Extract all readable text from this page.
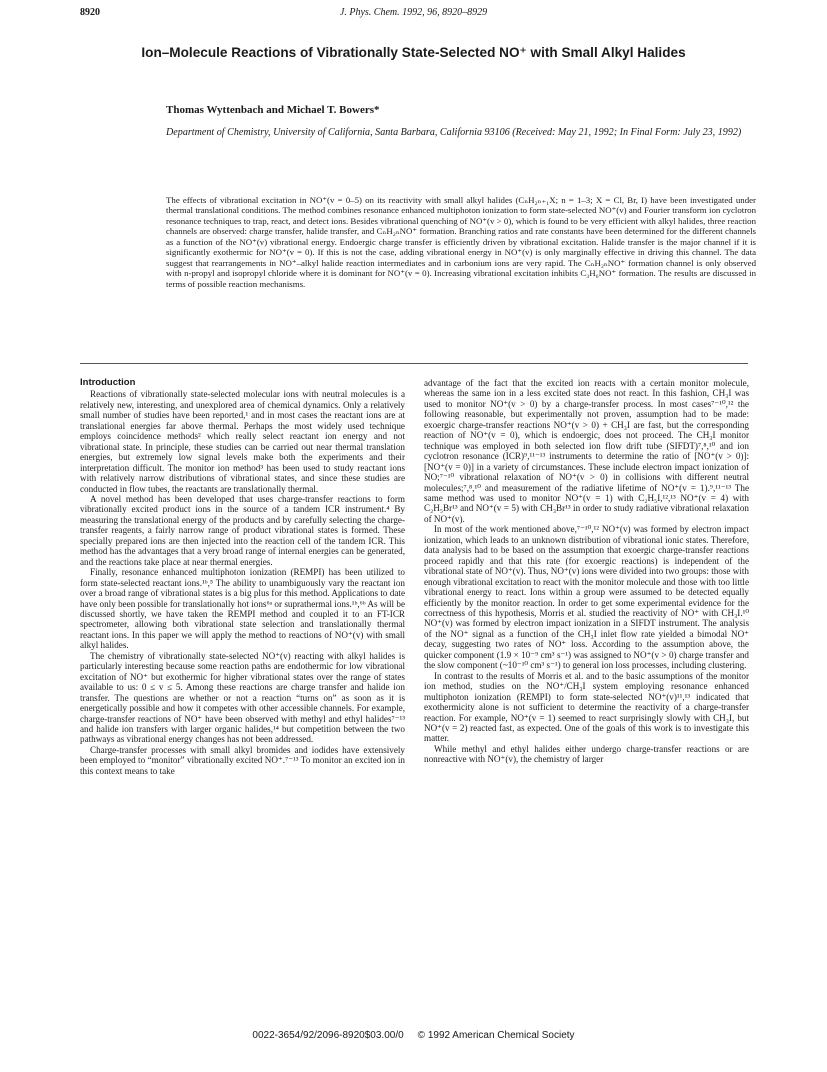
8920	J. Phys. Chem. 1992, 96, 8920–8929
Ion–Molecule Reactions of Vibrationally State-Selected NO⁺ with Small Alkyl Halides
Thomas Wyttenbach and Michael T. Bowers*
Department of Chemistry, University of California, Santa Barbara, California 93106 (Received: May 21, 1992; In Final Form: July 23, 1992)
The effects of vibrational excitation in NO⁺(v = 0–5) on its reactivity with small alkyl halides (CₙH₂ₙ₊₁X; n = 1–3; X = Cl, Br, I) have been investigated under thermal translational conditions. The method combines resonance enhanced multiphoton ionization to form state-selected NO⁺(v) and Fourier transform ion cyclotron resonance techniques to trap, react, and detect ions. Besides vibrational quenching of NO⁺(v > 0), which is found to be very efficient with alkyl halides, three reaction channels are observed: charge transfer, halide transfer, and CₙH₂ₙNO⁺ formation. Branching ratios and rate constants have been determined for the different channels as a function of the NO⁺(v) vibrational energy. Endoergic charge transfer is efficiently driven by vibrational excitation. Halide transfer is the major channel if it is significantly exothermic for NO⁺(v = 0). If this is not the case, adding vibrational energy in NO⁺(v) is only marginally effective in driving this channel. The data suggest that rearrangements in NO⁺–alkyl halide reaction intermediates and in carbonium ions are very rapid. The CₙH₂ₙNO⁺ formation channel is only observed with n-propyl and isopropyl chloride where it is dominant for NO⁺(v = 0). Increasing vibrational excitation inhibits C₃H₆NO⁺ formation. The results are discussed in terms of possible reaction mechanisms.
Introduction

Reactions of vibrationally state-selected molecular ions with neutral molecules is a relatively new, interesting, and unexplored area of chemical dynamics. Only a relatively small number of studies have been reported,¹ and in most cases the reactant ions are at translational energies far above thermal. Perhaps the most widely used technique employs coincidence methods² which really select reactant ion energy and not vibrational state. In principle, these studies can be carried out near thermal translation energies, but extremely low signal levels make both the experiments and their interpretation difficult. The monitor ion method³ has been used to study reactant ions with relatively narrow distributions of vibrational states, and since these studies are conducted in flow tubes, the reactants are translationally thermal.

A novel method has been developed that uses charge-transfer reactions to form vibrationally excited product ions in the source of a tandem ICR instrument.⁴ By measuring the translational energy of the products and by carefully selecting the charge-transfer reagents, a fairly narrow range of product vibrational states is formed. These specially prepared ions are then injected into the reaction cell of the tandem ICR. This method has the advantages that a very broad range of internal energies can be generated, and the reactions take place at near thermal energies.

Finally, resonance enhanced multiphoton ionization (REMPI) has been utilized to form state-selected reactant ions.¹ᵇ,⁵ The ability to unambiguously vary the reactant ion over a broad range of vibrational states is a big plus for this method. Applications to date have only been possible for translationally hot ions⁶ᵃ or suprathermal ions.¹ᵇ,⁶ᵇ As will be discussed shortly, we have taken the REMPI method and coupled it to an FT-ICR spectrometer, allowing both vibrational state selection and translationally thermal reactant ions. In this paper we will apply the method to reactions of NO⁺(v) with small alkyl halides.

The chemistry of vibrationally state-selected NO⁺(v) reacting with alkyl halides is particularly interesting because some reaction paths are endothermic for low vibrational excitation of NO⁺ but exothermic for higher vibrational states over the range of states available to us: 0 ≤ v ≤ 5. Among these reactions are charge transfer and halide ion transfer. The questions are whether or not a reaction “turns on” as soon as it is energetically possible and how it competes with other accessible channels. For example, charge-transfer reactions of NO⁺ have been observed with methyl and ethyl halides⁷⁻¹³ and halide ion transfers with larger organic halides,¹⁴ but competition between the two pathways as vibrational energy changes has not been addressed.

Charge-transfer processes with small alkyl bromides and iodides have extensively been employed to “monitor” vibrationally excited NO⁺.⁷⁻¹³ To monitor an excited ion in this context means to take

advantage of the fact that the excited ion reacts with a certain monitor molecule, whereas the same ion in a less excited state does not react. In this fashion, CH₃I was used to monitor NO⁺(v > 0) by a charge-transfer process. In most cases⁷⁻¹⁰,¹² the following reasonable, but experimentally not proven, assumption had to be made: exoergic charge-transfer reactions NO⁺(v > 0) + CH₃I are fast, but the corresponding reaction of NO⁺(v = 0), which is endoergic, does not proceed. The CH₃I monitor technique was employed in both selected ion flow drift tube (SIFDT)⁷,⁸,¹⁰ and ion cyclotron resonance (ICR)⁹,¹¹⁻¹³ instruments to determine the ratio of [NO⁺(v > 0)]:[NO⁺(v = 0)] in a variety of circumstances. These include electron impact ionization of NO;⁷⁻¹⁰ vibrational relaxation of NO⁺(v > 0) in collisions with different neutral molecules;⁷,⁸,¹⁰ and measurement of the radiative lifetime of NO⁺(v = 1).⁹,¹¹⁻¹³ The same method was used to monitor NO⁺(v = 1) with C₂H₅I,¹²,¹³ NO⁺(v = 4) with C₂H₅Br¹³ and NO⁺(v = 5) with CH₃Br¹³ in order to study radiative vibrational relaxation of NO⁺(v).

In most of the work mentioned above,⁷⁻¹⁰,¹² NO⁺(v) was formed by electron impact ionization, which leads to an unknown distribution of vibrational ionic states. Therefore, data analysis had to be based on the assumption that exoergic charge-transfer reactions proceed rapidly and that this rate (for exoergic reactions) is independent of the vibrational state of NO⁺(v). Thus, NO⁺(v) ions were divided into two groups: those with enough vibrational excitation to react with the monitor molecule and those with too little vibrational energy to react. Ions within a group were assumed to be detected equally efficiently by the monitor reaction. In order to get some experimental evidence for the correctness of this hypothesis, Morris et al. studied the reactivity of NO⁺ with CH₃I.¹⁰ NO⁺(v) was formed by electron impact ionization in a SIFDT instrument. The analysis of the NO⁺ signal as a function of the CH₃I inlet flow rate yielded a bimodal NO⁺ decay, suggesting two rates of NO⁺ loss. According to the assumption above, the quicker component (1.9 × 10⁻⁹ cm³ s⁻¹) was assigned to NO⁺(v > 0) charge transfer and the slow component (~10⁻¹⁰ cm³ s⁻¹) to general ion loss processes, including clustering.

In contrast to the results of Morris et al. and to the basic assumptions of the monitor ion method, studies on the NO⁺/CH₃I system employing resonance enhanced multiphoton ionization (REMPI) to form state-selected NO⁺(v)¹¹,¹³ indicated that exothermicity alone is not sufficient to determine the reactivity of a charge-transfer reaction. For example, NO⁺(v = 1) seemed to react surprisingly slowly with CH₃I, but NO⁺(v = 2) reacted fast, as expected. One of the goals of this work is to investigate this matter.

While methyl and ethyl halides either undergo charge-transfer reactions or are nonreactive with NO⁺(v), the chemistry of larger

0022-3654/92/2096-8920$03.00/0 © 1992 American Chemical Society
